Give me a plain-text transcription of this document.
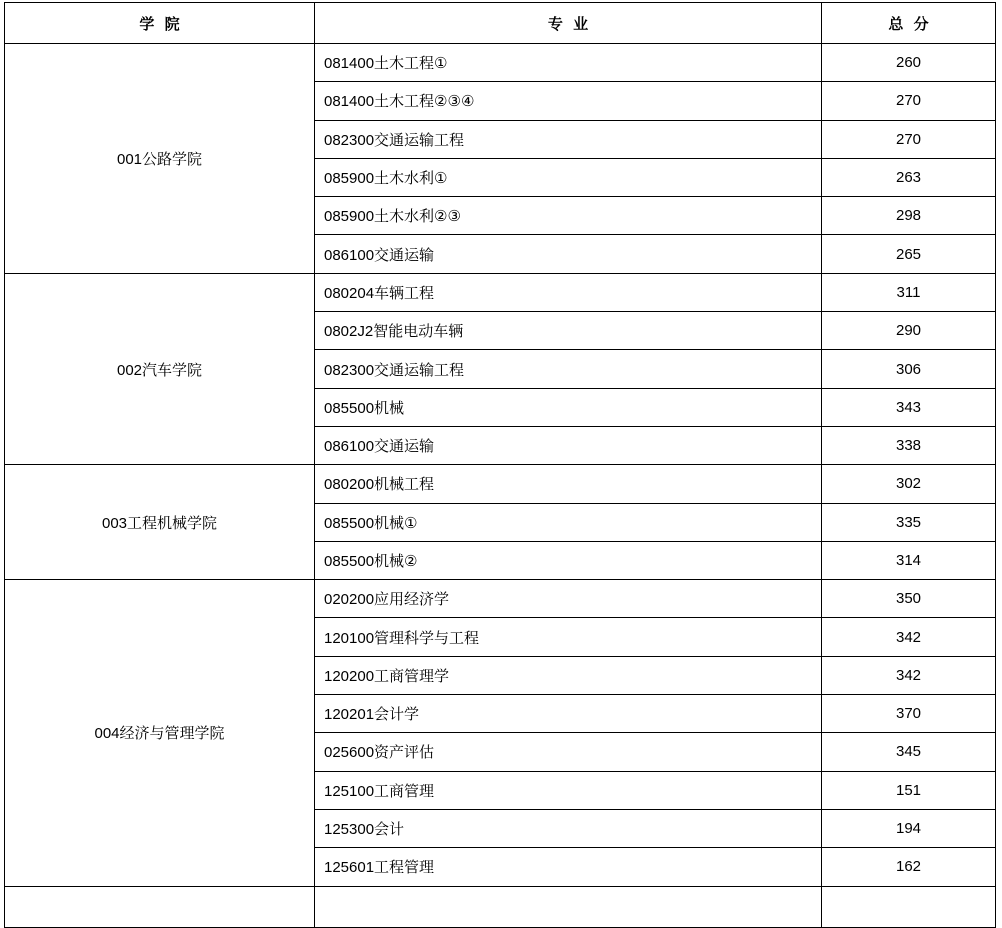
学 院	专 业	总 分
001公路学院	081400土木工程①	260
	081400土木工程②③④	270
	082300交通运输工程	270
	085900土木水利①	263
	085900土木水利②③	298
	086100交通运输	265
002汽车学院	080204车辆工程	311
	0802J2智能电动车辆	290
	082300交通运输工程	306
	085500机械	343
	086100交通运输	338
003工程机械学院	080200机械工程	302
	085500机械①	335
	085500机械②	314
004经济与管理学院	020200应用经济学	350
	120100管理科学与工程	342
	120200工商管理学	342
	120201会计学	370
	025600资产评估	345
	125100工商管理	151
	125300会计	194
	125601工程管理	162
